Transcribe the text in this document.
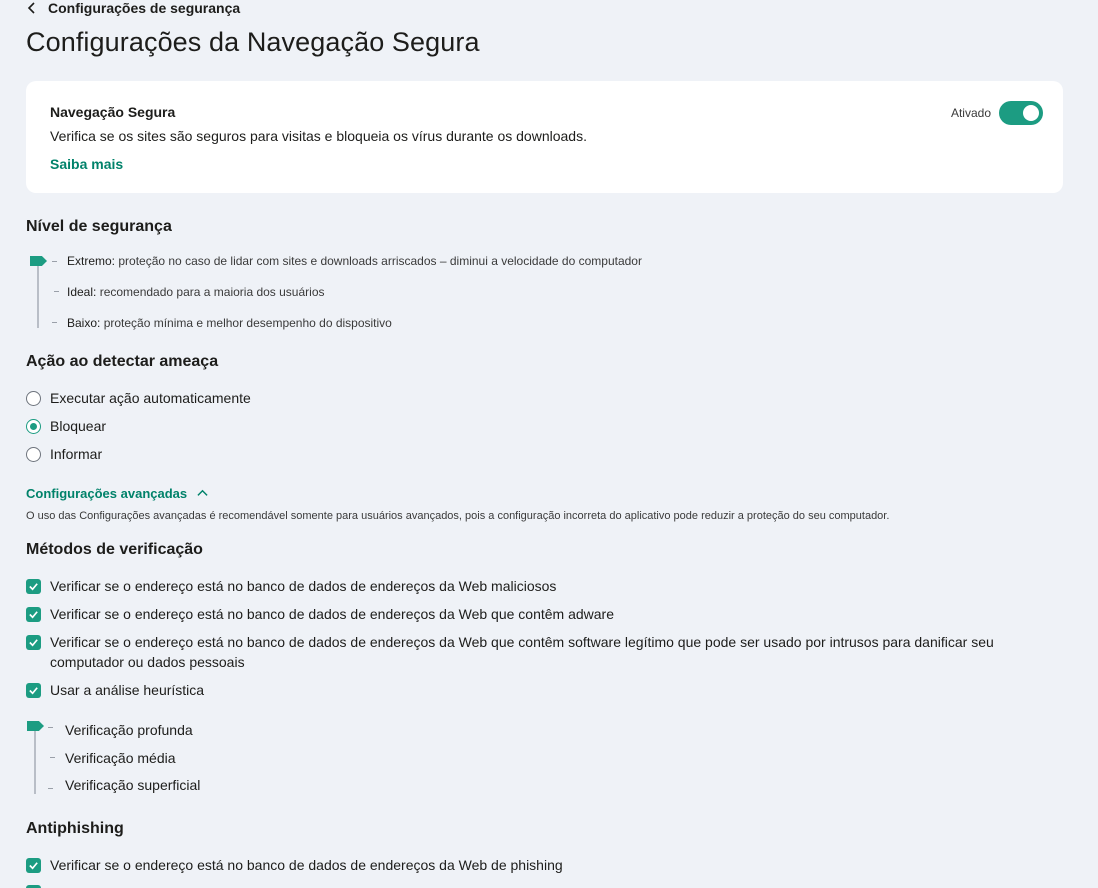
Configurações de segurança
Configurações da Navegação Segura
Navegação Segura
Verifica se os sites são seguros para visitas e bloqueia os vírus durante os downloads.
Saiba mais
Ativado
Nível de segurança
Extremo: proteção no caso de lidar com sites e downloads arriscados – diminui a velocidade do computador
Ideal: recomendado para a maioria dos usuários
Baixo: proteção mínima e melhor desempenho do dispositivo
Ação ao detectar ameaça
Executar ação automaticamente
Bloquear
Informar
Configurações avançadas
O uso das Configurações avançadas é recomendável somente para usuários avançados, pois a configuração incorreta do aplicativo pode reduzir a proteção do seu computador.
Métodos de verificação
Verificar se o endereço está no banco de dados de endereços da Web maliciosos
Verificar se o endereço está no banco de dados de endereços da Web que contêm adware
Verificar se o endereço está no banco de dados de endereços da Web que contêm software legítimo que pode ser usado por intrusos para danificar seu computador ou dados pessoais
Usar a análise heurística
Verificação profunda
Verificação média
Verificação superficial
Antiphishing
Verificar se o endereço está no banco de dados de endereços da Web de phishing
